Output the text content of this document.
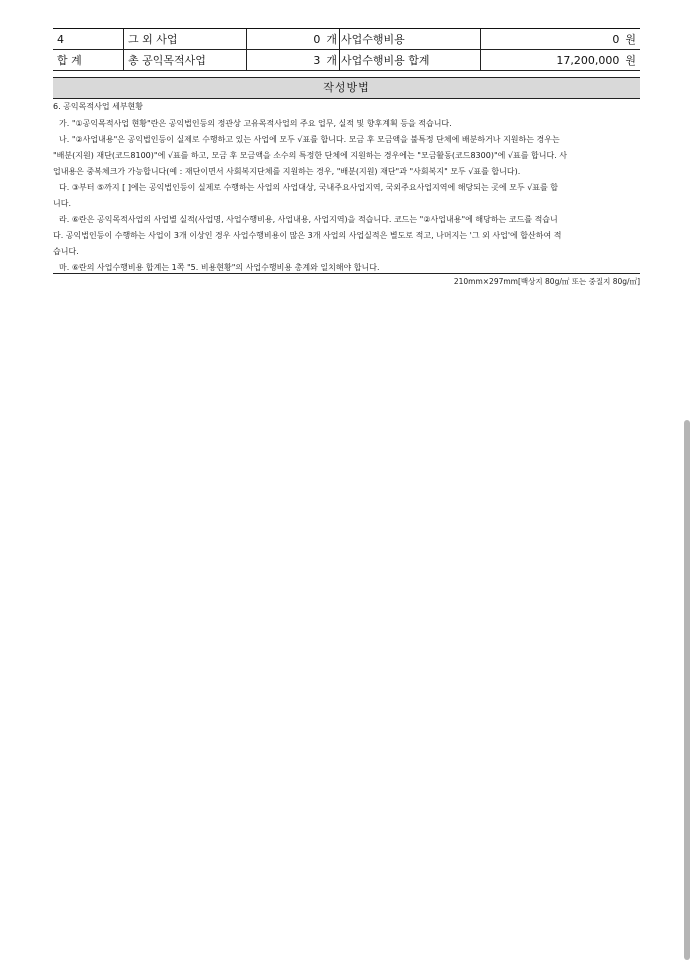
4	그 외 사업	0 개	사업수행비용	0 원
합 계	총 공익목적사업	3 개	사업수행비용 합계	17,200,000 원
작성방법

6. 공익목적사업 세부현황

가. "①공익목적사업 현황"란은 공익법인등의 정관상 고유목적사업의 주요 업무, 실적 및 향후계획 등을 적습니다.

나. "②사업내용"은 공익법인등이 실제로 수행하고 있는 사업에 모두 √표를 합니다. 모금 후 모금액을 불특정 단체에 배분하거나 지원하는 경우는

"배분(지원) 재단(코드8100)"에 √표를 하고, 모금 후 모금액을 소수의 특정한 단체에 지원하는 경우에는 "모금활동(코드8300)"에 √표를 합니다. 사

업내용은 중복체크가 가능합니다(예 : 재단이면서 사회복지단체를 지원하는 경우, "배분(지원) 재단"과 "사회복지" 모두 √표를 합니다).

다. ③부터 ⑤까지 [ ]에는 공익법인등이 실제로 수행하는 사업의 사업대상, 국내주요사업지역, 국외주요사업지역에 해당되는 곳에 모두 √표를 합

니다.

라. ⑥란은 공익목적사업의 사업별 실적(사업명, 사업수행비용, 사업내용, 사업지역)을 적습니다. 코드는 "②사업내용"에 해당하는 코드를 적습니

다. 공익법인등이 수행하는 사업이 3개 이상인 경우 사업수행비용이 많은 3개 사업의 사업실적은 별도로 적고, 나머지는 '그 외 사업'에 합산하여 적

습니다.

마. ⑥란의 사업수행비용 합계는 1쪽 "5. 비용현황"의 사업수행비용 총계와 일치해야 합니다.

210mm×297mm[백상지 80g/㎡ 또는 중질지 80g/㎡]
